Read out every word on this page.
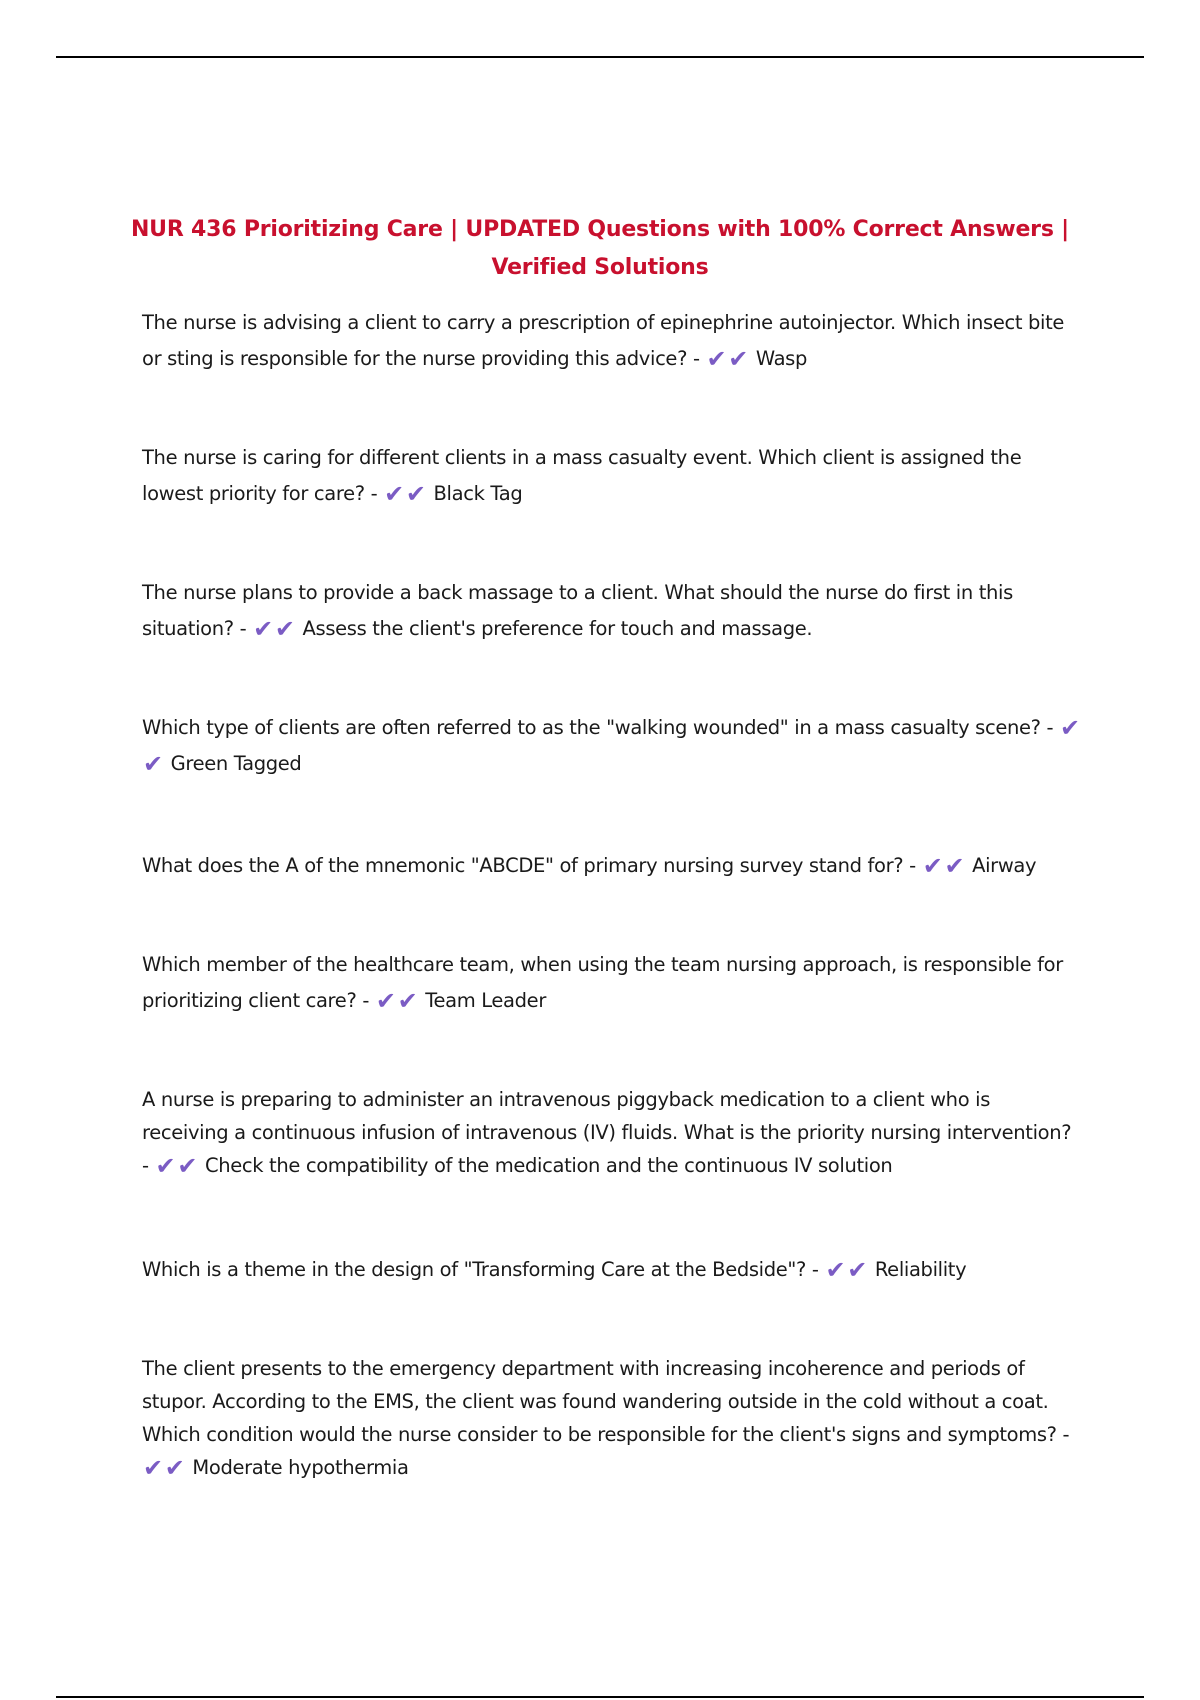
NUR 436 Prioritizing Care | UPDATED Questions with 100% Correct Answers | Verified Solutions
The nurse is advising a client to carry a prescription of epinephrine autoinjector. Which insect bite or sting is responsible for the nurse providing this advice? - ✔✔ Wasp
The nurse is caring for different clients in a mass casualty event. Which client is assigned the lowest priority for care? - ✔✔ Black Tag
The nurse plans to provide a back massage to a client. What should the nurse do first in this situation? - ✔✔ Assess the client's preference for touch and massage.
Which type of clients are often referred to as the "walking wounded" in a mass casualty scene? - ✔✔ Green Tagged
What does the A of the mnemonic "ABCDE" of primary nursing survey stand for? - ✔✔ Airway
Which member of the healthcare team, when using the team nursing approach, is responsible for prioritizing client care? - ✔✔ Team Leader
A nurse is preparing to administer an intravenous piggyback medication to a client who is receiving a continuous infusion of intravenous (IV) fluids. What is the priority nursing intervention? - ✔✔ Check the compatibility of the medication and the continuous IV solution
Which is a theme in the design of "Transforming Care at the Bedside"? - ✔✔ Reliability
The client presents to the emergency department with increasing incoherence and periods of stupor. According to the EMS, the client was found wandering outside in the cold without a coat. Which condition would the nurse consider to be responsible for the client's signs and symptoms? - ✔✔ Moderate hypothermia
